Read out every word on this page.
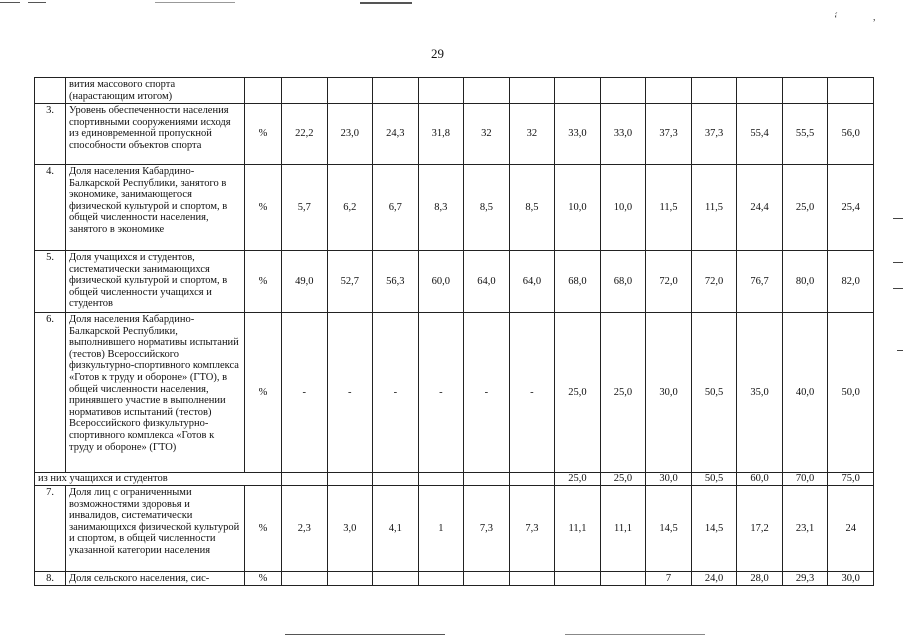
‘́	,
29
	вития массового спорта (нарастающим итогом)														
3.	Уровень обеспеченности населения спортивными сооружениями исходя из единовременной пропускной способности объектов спорта	%	22,2	23,0	24,3	31,8	32	32	33,0	33,0	37,3	37,3	55,4	55,5	56,0
4.	Доля населения Кабардино-Балкарской Республики, занятого в экономике, занимающегося физической культурой и спортом, в общей численности населения, занятого в экономике	%	5,7	6,2	6,7	8,3	8,5	8,5	10,0	10,0	11,5	11,5	24,4	25,0	25,4
5.	Доля учащихся и студентов, систематически занимающихся физической культурой и спортом, в общей численности учащихся и студентов	%	49,0	52,7	56,3	60,0	64,0	64,0	68,0	68,0	72,0	72,0	76,7	80,0	82,0
6.	Доля населения Кабардино-Балкарской Республики, выполнившего нормативы испытаний (тестов) Всероссийского физкультурно-спортивного комплекса «Готов к труду и обороне» (ГТО), в общей численности населения, принявшего участие в выполнении нормативов испытаний (тестов) Всероссийского физкультурно-спортивного комплекса «Готов к труду и обороне» (ГТО)	%	-	-	-	-	-	-	25,0	25,0	30,0	50,5	35,0	40,0	50,0
из них учащихся и студентов									25,0	25,0	30,0	50,5	60,0	70,0	75,0
7.	Доля лиц с ограниченными возможностями здоровья и инвалидов, систематически занимающихся физической культурой и спортом, в общей численности указанной категории населения	%	2,3	3,0	4,1	1	7,3	7,3	11,1	11,1	14,5	14,5	17,2	23,1	24
8.	Доля сельского населения, сис-	%									7	24,0	28,0	29,3	30,0
